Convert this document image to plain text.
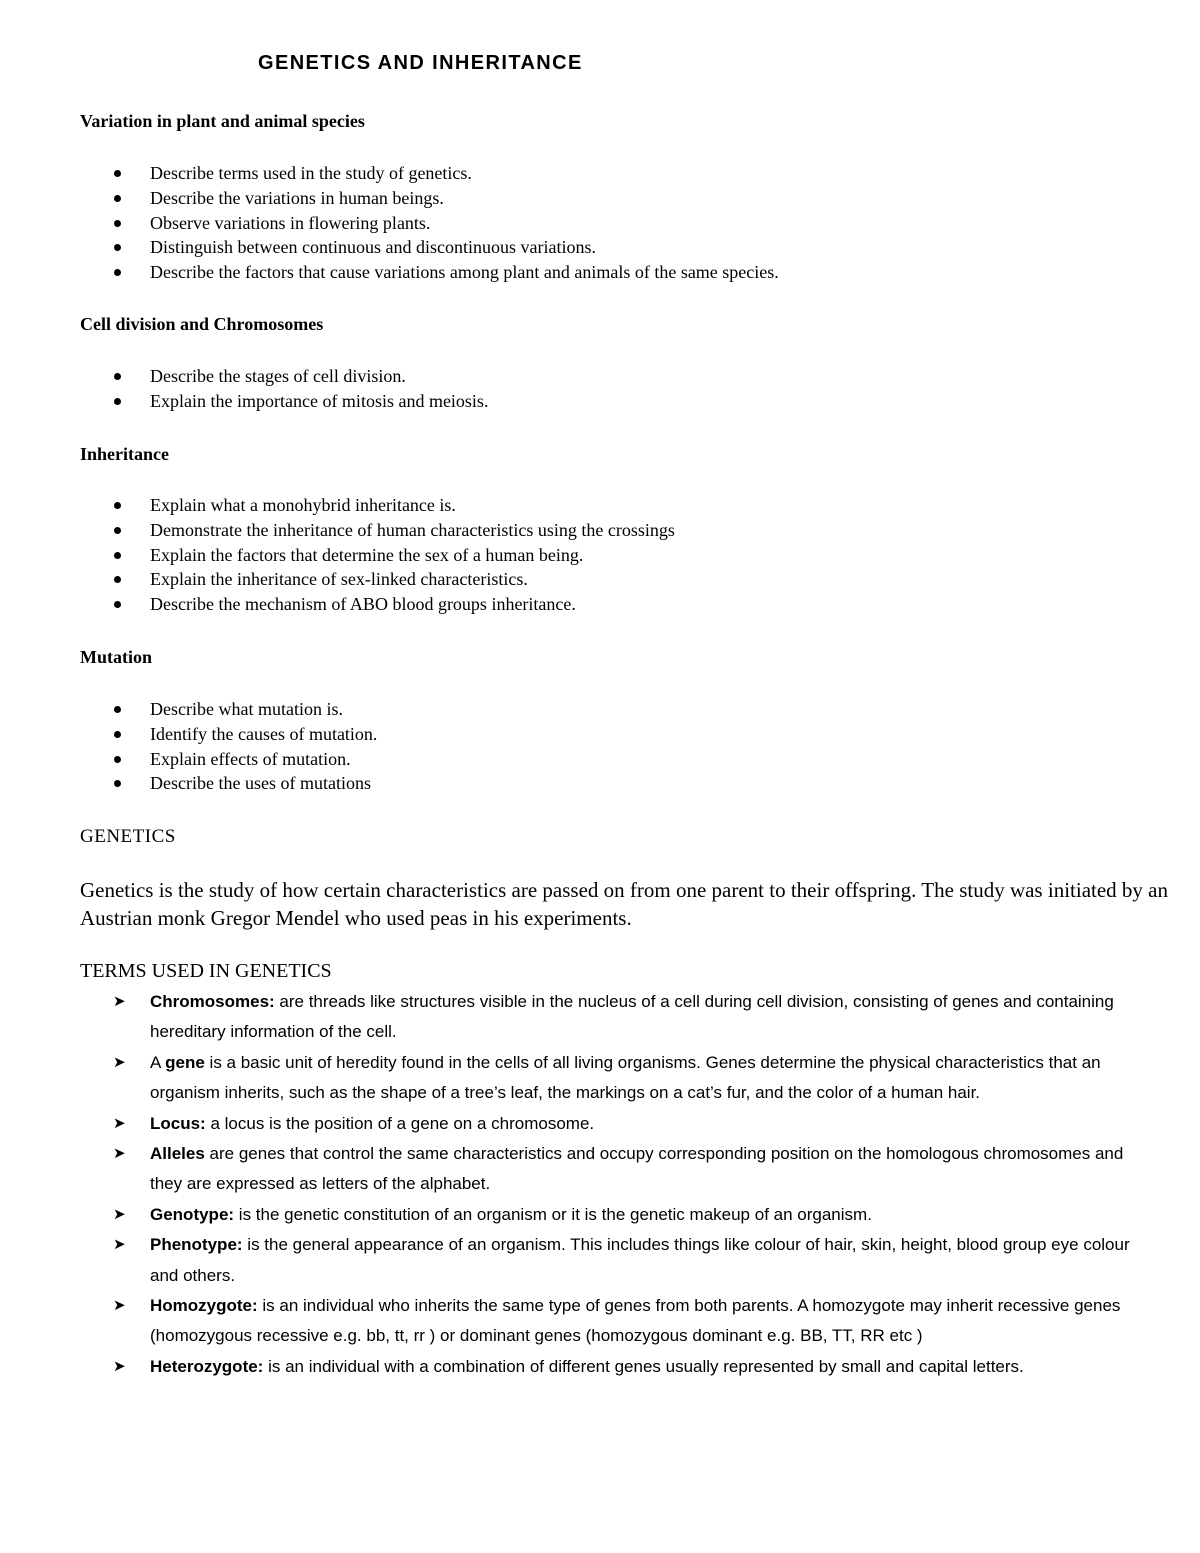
GENETICS AND INHERITANCE
Variation in plant and animal species
Describe terms used in the study of genetics.
Describe the variations in human beings.
Observe variations in flowering plants.
Distinguish between continuous and discontinuous variations.
Describe the factors that cause variations among plant and animals of the same species.
Cell division and Chromosomes
Describe the stages of cell division.
Explain the importance of mitosis and meiosis.
Inheritance
Explain what a monohybrid inheritance is.
Demonstrate the inheritance of human characteristics using the crossings
Explain the factors that determine the sex of a human being.
Explain the inheritance of sex-linked characteristics.
Describe the mechanism of ABO blood groups inheritance.
Mutation
Describe what mutation is.
Identify the causes of mutation.
Explain effects of mutation.
Describe the uses of mutations
GENETICS
Genetics is the study of how certain characteristics are passed on from one parent to their offspring. The study was initiated by an Austrian monk Gregor Mendel who used peas in his experiments.
TERMS USED IN GENETICS
➤ Chromosomes: are threads like structures visible in the nucleus of a cell during cell division, consisting of genes and containing hereditary information of the cell.
➤ A gene is a basic unit of heredity found in the cells of all living organisms. Genes determine the physical characteristics that an organism inherits, such as the shape of a tree’s leaf, the markings on a cat’s fur, and the color of a human hair.
➤ Locus: a locus is the position of a gene on a chromosome.
➤ Alleles are genes that control the same characteristics and occupy corresponding position on the homologous chromosomes and they are expressed as letters of the alphabet.
➤ Genotype: is the genetic constitution of an organism or it is the genetic makeup of an organism.
➤ Phenotype: is the general appearance of an organism. This includes things like colour of hair, skin, height, blood group eye colour and others.
➤ Homozygote: is an individual who inherits the same type of genes from both parents. A homozygote may inherit recessive genes (homozygous recessive e.g. bb, tt, rr ) or dominant genes (homozygous dominant e.g. BB, TT, RR etc )
➤ Heterozygote: is an individual with a combination of different genes usually represented by small and capital letters.
